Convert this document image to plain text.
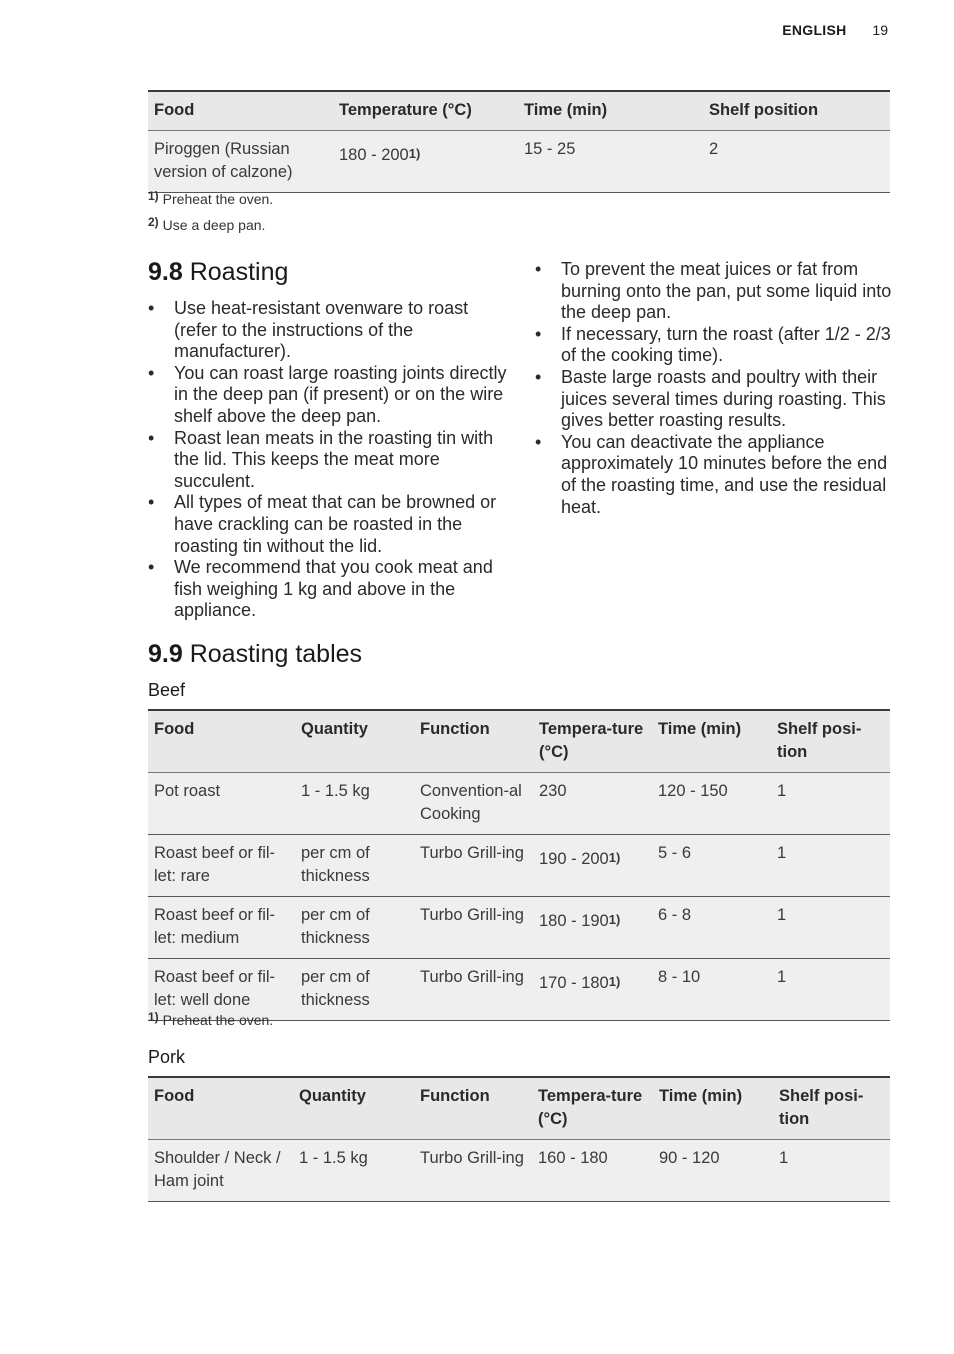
ENGLISH 19
Food	Temperature (°C)	Time (min)	Shelf position
Piroggen (Russian version of calzone)	180 - 200$^{1)}$	15 - 25	2
$^{1)}$ Preheat the oven.
$^{2)}$ Use a deep pan.
9.8 Roasting
• Use heat-resistant ovenware to roast (refer to the instructions of the manufacturer).
• You can roast large roasting joints directly in the deep pan (if present) or on the wire shelf above the deep pan.
• Roast lean meats in the roasting tin with the lid. This keeps the meat more succulent.
• All types of meat that can be browned or have crackling can be roasted in the roasting tin without the lid.
• We recommend that you cook meat and fish weighing 1 kg and above in the appliance.
• To prevent the meat juices or fat from burning onto the pan, put some liquid into the deep pan.
• If necessary, turn the roast (after 1/2 - 2/3 of the cooking time).
• Baste large roasts and poultry with their juices several times during roasting. This gives better roasting results.
• You can deactivate the appliance approximately 10 minutes before the end of the roasting time, and use the residual heat.
9.9 Roasting tables
Beef
Food	Quantity	Function	Tempera-ture (°C)	Time (min)	Shelf posi-tion
Pot roast	1 - 1.5 kg	Convention-al Cooking	230	120 - 150	1
Roast beef or fil-let: rare	per cm of thickness	Turbo Grill-ing	190 - 200$^{1)}$	5 - 6	1
Roast beef or fil-let: medium	per cm of thickness	Turbo Grill-ing	180 - 190$^{1)}$	6 - 8	1
Roast beef or fil-let: well done	per cm of thickness	Turbo Grill-ing	170 - 180$^{1)}$	8 - 10	1
$^{1)}$ Preheat the oven.
Pork
Food	Quantity	Function	Tempera-ture (°C)	Time (min)	Shelf posi-tion
Shoulder / Neck / Ham joint	1 - 1.5 kg	Turbo Grill-ing	160 - 180	90 - 120	1
